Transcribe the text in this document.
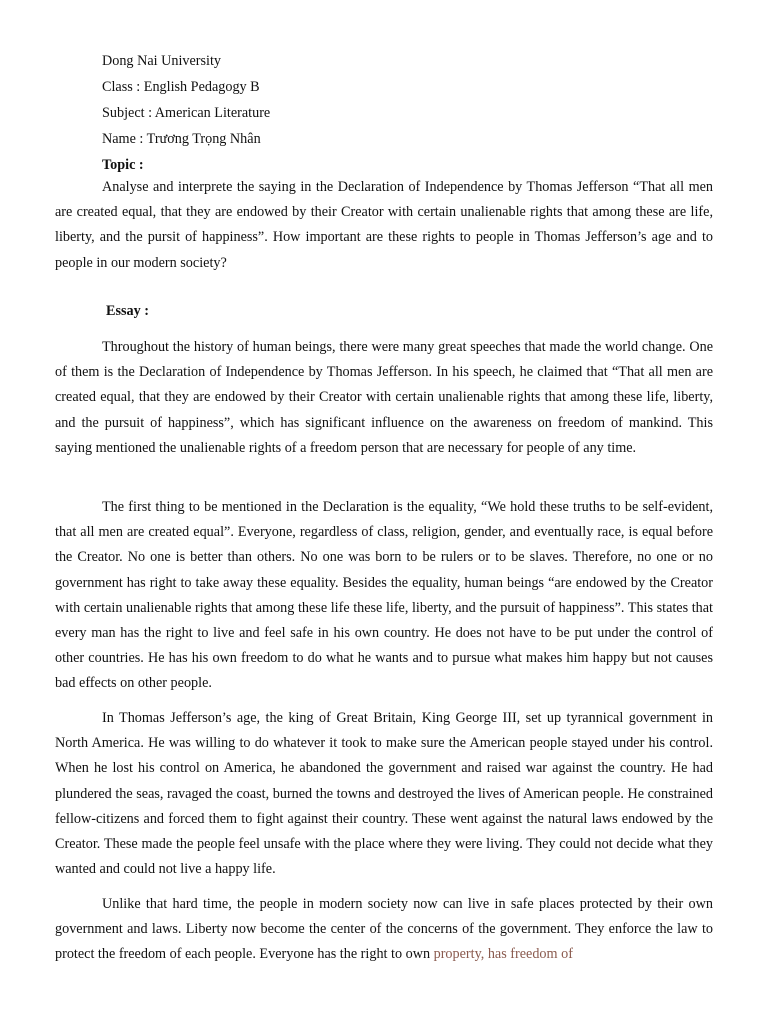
Dong Nai University
Class : English Pedagogy B
Subject : American Literature
Name : Trương Trọng Nhân
Topic :

Analyse and interprete the saying in the Declaration of Independence by Thomas Jefferson “That all men are created equal, that they are endowed by their Creator with certain unalienable rights that among these are life, liberty, and the pursit of happiness”. How important are these rights to people in Thomas Jefferson’s age and to people in our modern society?

Essay :

Throughout the history of human beings, there were many great speeches that made the world change. One of them is the Declaration of Independence by Thomas Jefferson. In his speech, he claimed that “That all men are created equal, that they are endowed by their Creator with certain unalienable rights that among these life, liberty, and the pursuit of happiness”, which has significant influence on the awareness on freedom of mankind. This saying mentioned the unalienable rights of a freedom person that are necessary for people of any time.

The first thing to be mentioned in the Declaration is the equality, “We hold these truths to be self-evident, that all men are created equal”. Everyone, regardless of class, religion, gender, and eventually race, is equal before the Creator. No one is better than others. No one was born to be rulers or to be slaves. Therefore, no one or no government has right to take away these equality. Besides the equality, human beings “are endowed by the Creator with certain unalienable rights that among these life these life, liberty, and the pursuit of happiness”. This states that every man has the right to live and feel safe in his own country. He does not have to be put under the control of other countries. He has his own freedom to do what he wants and to pursue what makes him happy but not causes bad effects on other people.

In Thomas Jefferson’s age, the king of Great Britain, King George III, set up tyrannical government in North America. He was willing to do whatever it took to make sure the American people stayed under his control. When he lost his control on America, he abandoned the government and raised war against the country. He had plundered the seas, ravaged the coast, burned the towns and destroyed the lives of American people. He constrained fellow-citizens and forced them to fight against their country. These went against the natural laws endowed by the Creator. These made the people feel unsafe with the place where they were living. They could not decide what they wanted and could not live a happy life.

Unlike that hard time, the people in modern society now can live in safe places protected by their own government and laws. Liberty now become the center of the concerns of the government. They enforce the law to protect the freedom of each people. Everyone has the right to own property, has freedom of
